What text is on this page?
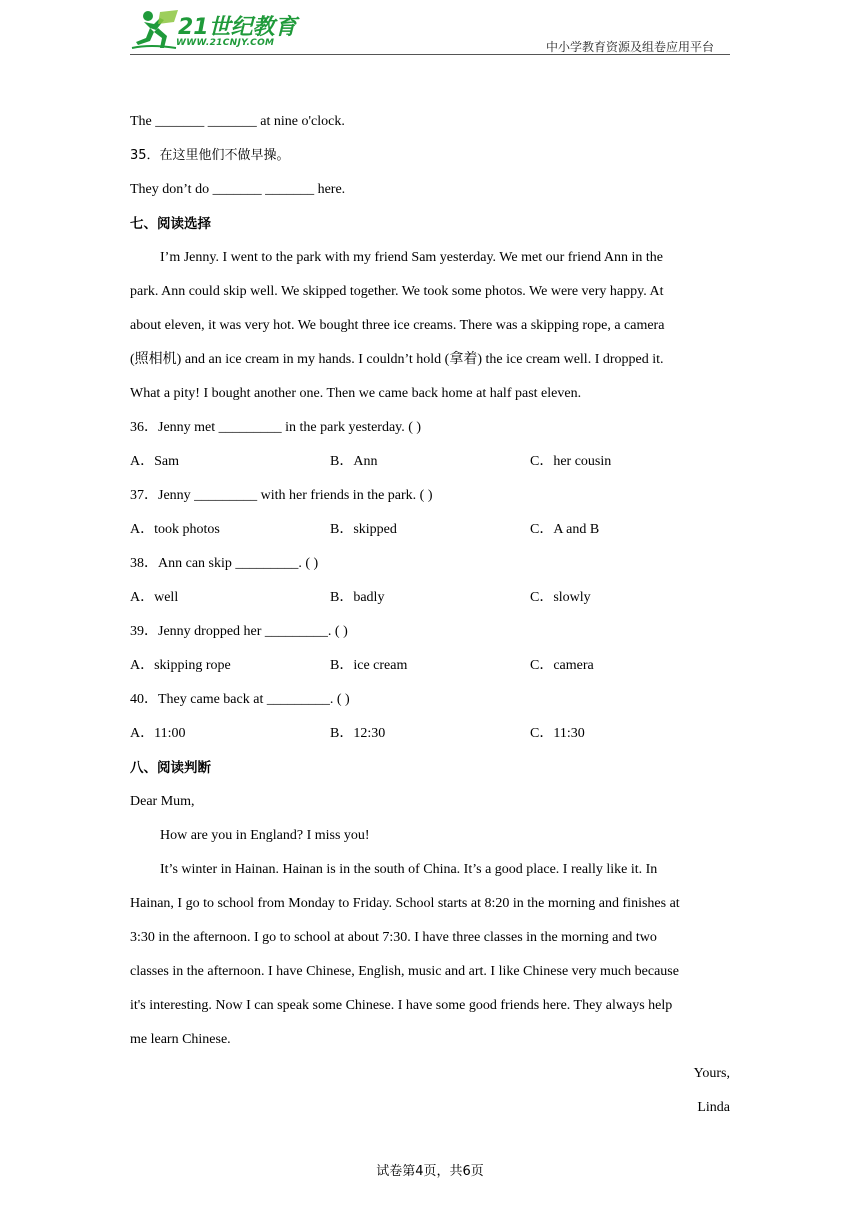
21世纪教育
WWW.21CNJY.COM	中小学教育资源及组卷应用平台
The _______ _______ at nine o'clock.
35．在这里他们不做早操。
They don’t do _______ _______ here.
七、阅读选择
I’m Jenny. I went to the park with my friend Sam yesterday. We met our friend Ann in the
park. Ann could skip well. We skipped together. We took some photos. We were very happy. At
about eleven, it was very hot. We bought three ice creams. There was a skipping rope, a camera
(照相机) and an ice cream in my hands. I couldn’t hold (拿着) the ice cream well. I dropped it.
What a pity! I bought another one. Then we came back home at half past eleven.
36．Jenny met _________ in the park yesterday. ( )
A．Sam	B．Ann	C．her cousin
37．Jenny _________ with her friends in the park. ( )
A．took photos	B．skipped	C．A and B
38．Ann can skip _________. ( )
A．well	B．badly	C．slowly
39．Jenny dropped her _________. ( )
A．skipping rope	B．ice cream	C．camera
40．They came back at _________. ( )
A．11:00	B．12:30	C．11:30
八、阅读判断
Dear Mum,
How are you in England? I miss you!
It’s winter in Hainan. Hainan is in the south of China. It’s a good place. I really like it. In
Hainan, I go to school from Monday to Friday. School starts at 8:20 in the morning and finishes at
3:30 in the afternoon. I go to school at about 7:30. I have three classes in the morning and two
classes in the afternoon. I have Chinese, English, music and art. I like Chinese very much because
it's interesting. Now I can speak some Chinese. I have some good friends here. They always help
me learn Chinese.
Yours,
Linda
试卷第4页，共6页
